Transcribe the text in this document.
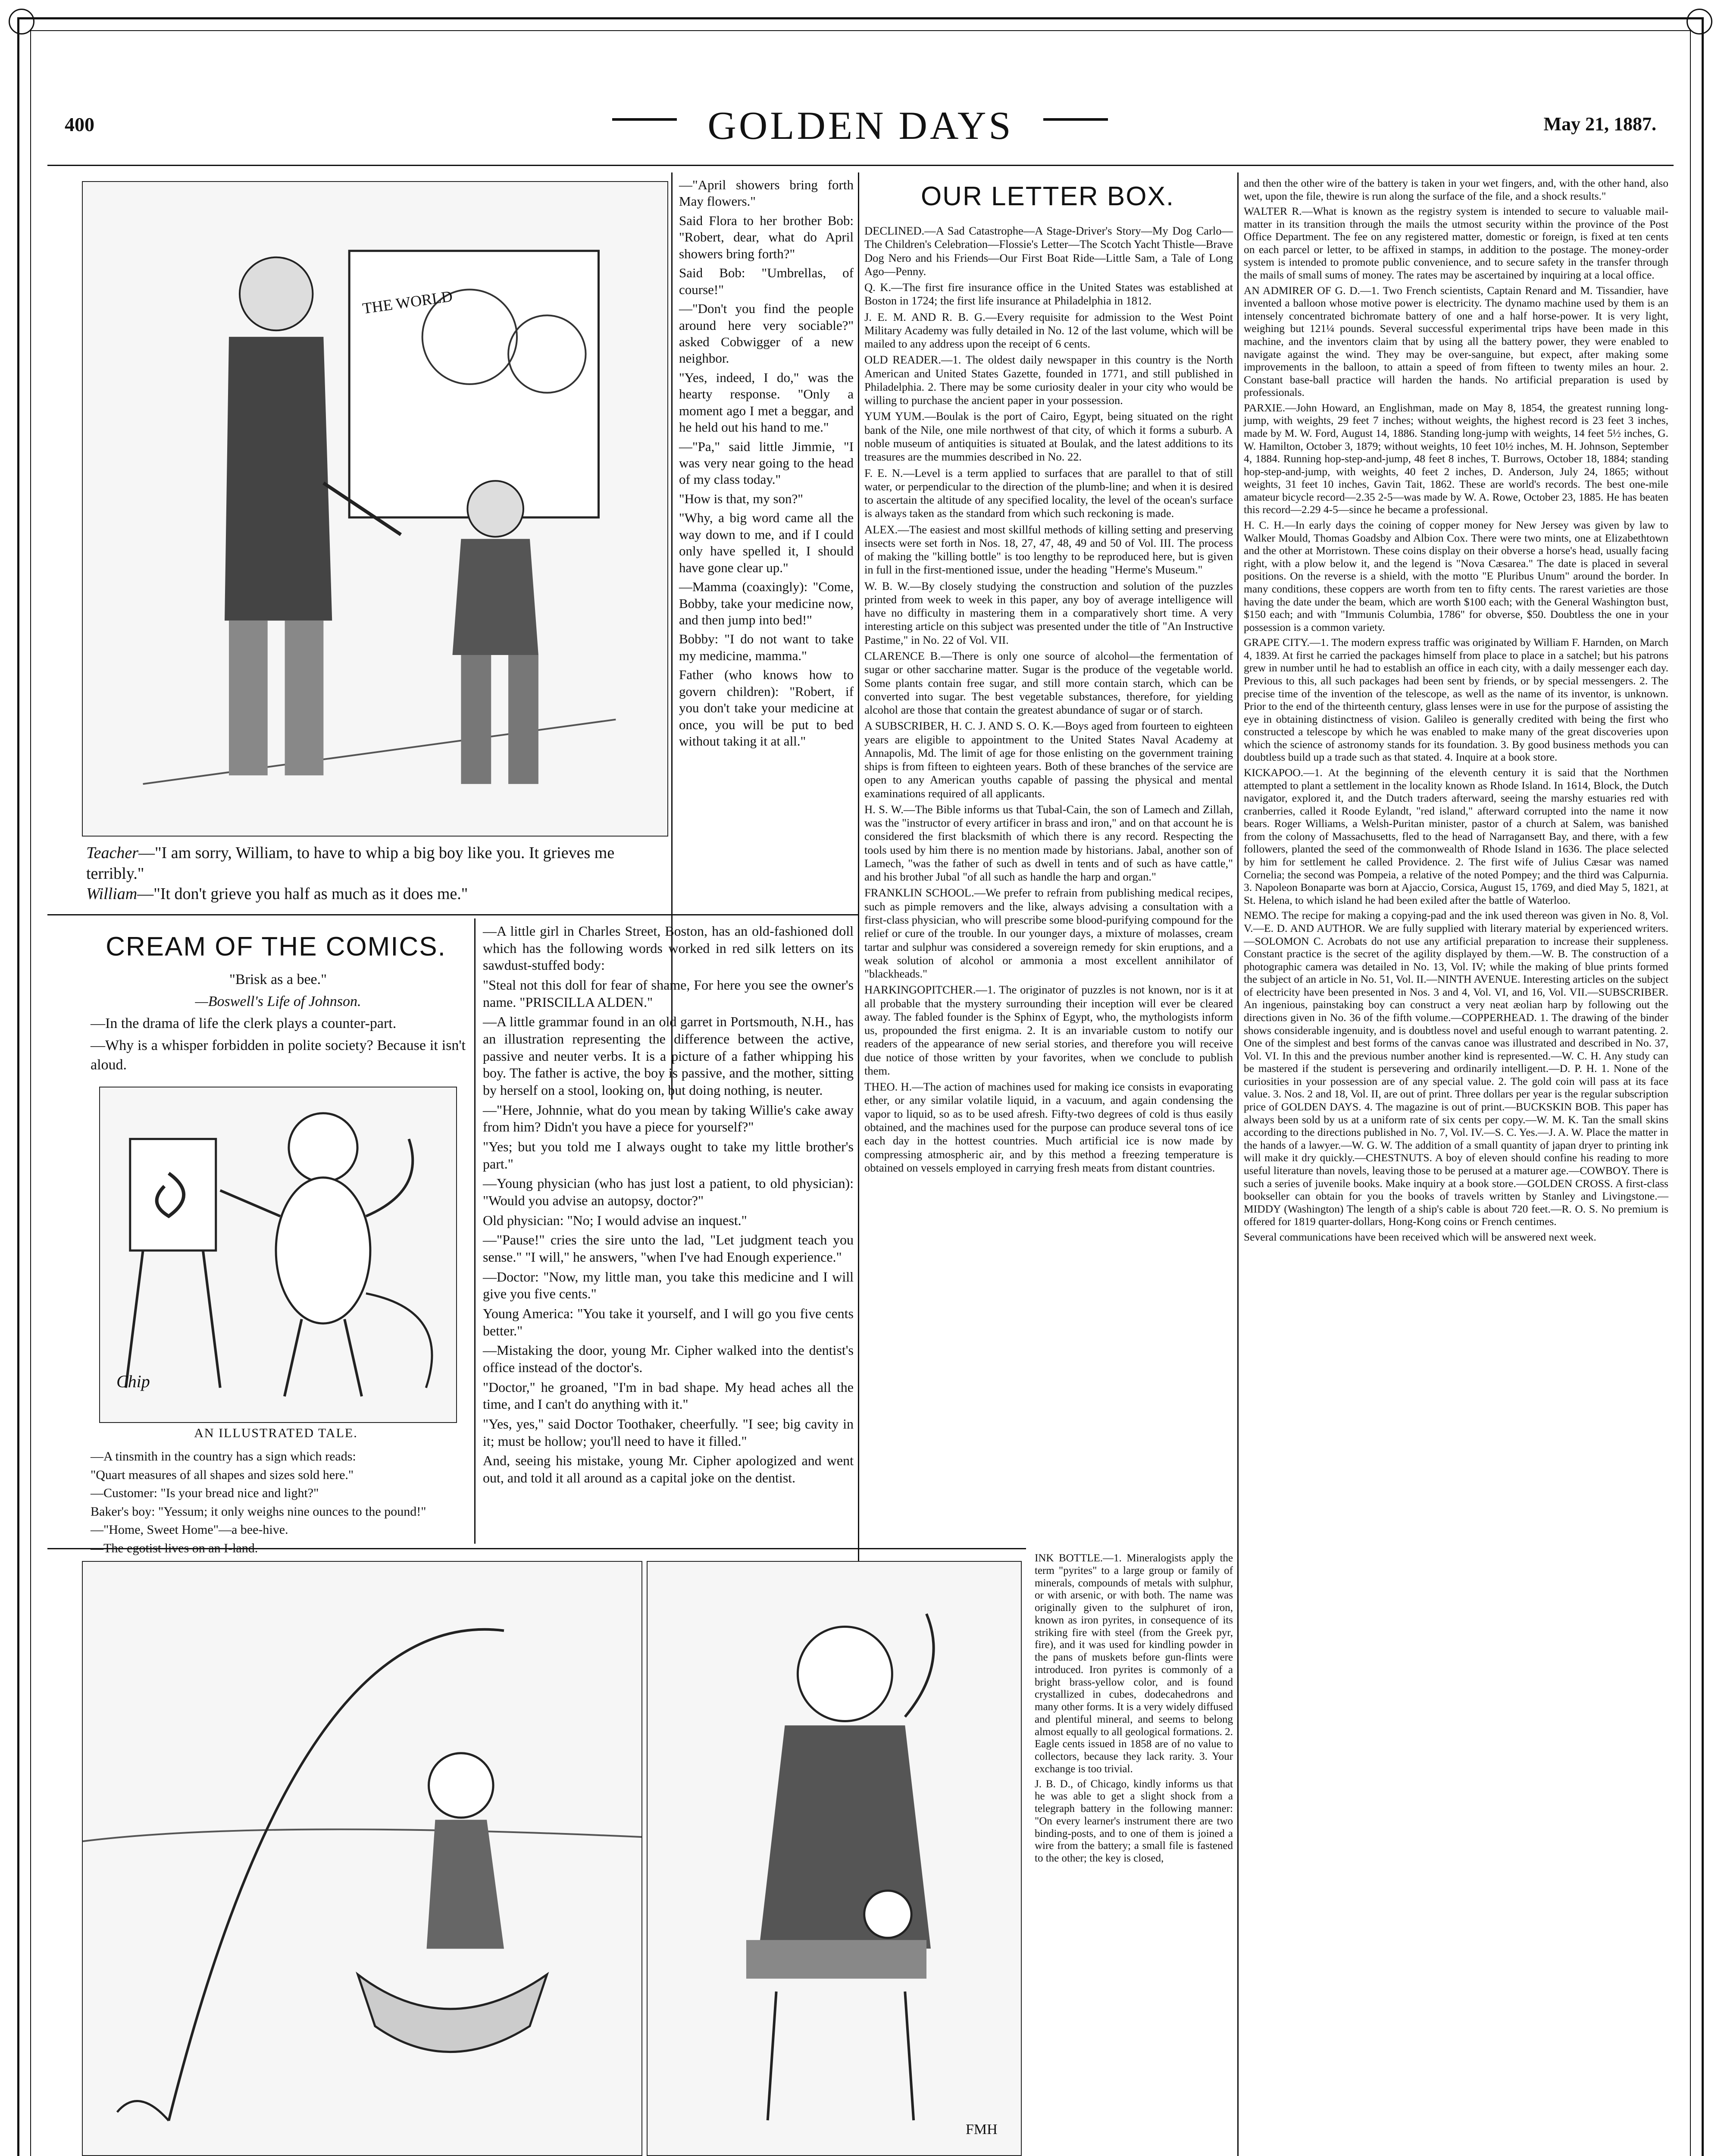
400	GOLDEN DAYS	May 21, 1887.
THE WORLD
Teacher—"I am sorry, William, to have to whip a big boy like you. It grieves me terribly."
William—"It don't grieve you half as much as it does me."

—"April showers bring forth May flowers."

Said Flora to her brother Bob: "Robert, dear, what do April showers bring forth?"

Said Bob: "Umbrellas, of course!"

—"Don't you find the people around here very sociable?" asked Cobwigger of a new neighbor.

"Yes, indeed, I do," was the hearty response. "Only a moment ago I met a beggar, and he held out his hand to me."

—"Pa," said little Jimmie, "I was very near going to the head of my class today."

"How is that, my son?"

"Why, a big word came all the way down to me, and if I could only have spelled it, I should have gone clear up."

—Mamma (coaxingly): "Come, Bobby, take your medicine now, and then jump into bed!"

Bobby: "I do not want to take my medicine, mamma."

Father (who knows how to govern children): "Robert, if you don't take your medicine at once, you will be put to bed without taking it at all."

CREAM OF THE COMICS.

"Brisk as a bee."

—Boswell's Life of Johnson.

—In the drama of life the clerk plays a counter-part.

—Why is a whisper forbidden in polite society? Because it isn't aloud.

Chip
AN ILLUSTRATED TALE.

—A tinsmith in the country has a sign which reads:

"Quart measures of all shapes and sizes sold here."

—Customer: "Is your bread nice and light?"

Baker's boy: "Yessum; it only weighs nine ounces to the pound!"

—"Home, Sweet Home"—a bee-hive.

—The egotist lives on an I-land.

—A little girl in Charles Street, Boston, has an old-fashioned doll which has the following words worked in red silk letters on its sawdust-stuffed body:

"Steal not this doll for fear of shame, For here you see the owner's name. "PRISCILLA ALDEN."

—A little grammar found in an old garret in Portsmouth, N.H., has an illustration representing the difference between the active, passive and neuter verbs. It is a picture of a father whipping his boy. The father is active, the boy is passive, and the mother, sitting by herself on a stool, looking on, but doing nothing, is neuter.

—"Here, Johnnie, what do you mean by taking Willie's cake away from him? Didn't you have a piece for yourself?"

"Yes; but you told me I always ought to take my little brother's part."

—Young physician (who has just lost a patient, to old physician): "Would you advise an autopsy, doctor?"

Old physician: "No; I would advise an inquest."

—"Pause!" cries the sire unto the lad, "Let judgment teach you sense." "I will," he answers, "when I've had Enough experience."

—Doctor: "Now, my little man, you take this medicine and I will give you five cents."

Young America: "You take it yourself, and I will go you five cents better."

—Mistaking the door, young Mr. Cipher walked into the dentist's office instead of the doctor's.

"Doctor," he groaned, "I'm in bad shape. My head aches all the time, and I can't do anything with it."

"Yes, yes," said Doctor Toothaker, cheerfully. "I see; big cavity in it; must be hollow; you'll need to have it filled."

And, seeing his mistake, young Mr. Cipher apologized and went out, and told it all around as a capital joke on the dentist.

OUR LETTER BOX.

DECLINED.—A Sad Catastrophe—A Stage-Driver's Story—My Dog Carlo—The Children's Celebration—Flossie's Letter—The Scotch Yacht Thistle—Brave Dog Nero and his Friends—Our First Boat Ride—Little Sam, a Tale of Long Ago—Penny.

Q. K.—The first fire insurance office in the United States was established at Boston in 1724; the first life insurance at Philadelphia in 1812.

J. E. M. AND R. B. G.—Every requisite for admission to the West Point Military Academy was fully detailed in No. 12 of the last volume, which will be mailed to any address upon the receipt of 6 cents.

OLD READER.—1. The oldest daily newspaper in this country is the North American and United States Gazette, founded in 1771, and still published in Philadelphia. 2. There may be some curiosity dealer in your city who would be willing to purchase the ancient paper in your possession.

YUM YUM.—Boulak is the port of Cairo, Egypt, being situated on the right bank of the Nile, one mile northwest of that city, of which it forms a suburb. A noble museum of antiquities is situated at Boulak, and the latest additions to its treasures are the mummies described in No. 22.

F. E. N.—Level is a term applied to surfaces that are parallel to that of still water, or perpendicular to the direction of the plumb-line; and when it is desired to ascertain the altitude of any specified locality, the level of the ocean's surface is always taken as the standard from which such reckoning is made.

ALEX.—The easiest and most skillful methods of killing setting and preserving insects were set forth in Nos. 18, 27, 47, 48, 49 and 50 of Vol. III. The process of making the "killing bottle" is too lengthy to be reproduced here, but is given in full in the first-mentioned issue, under the heading "Herme's Museum."

W. B. W.—By closely studying the construction and solution of the puzzles printed from week to week in this paper, any boy of average intelligence will have no difficulty in mastering them in a comparatively short time. A very interesting article on this subject was presented under the title of "An Instructive Pastime," in No. 22 of Vol. VII.

CLARENCE B.—There is only one source of alcohol—the fermentation of sugar or other saccharine matter. Sugar is the produce of the vegetable world. Some plants contain free sugar, and still more contain starch, which can be converted into sugar. The best vegetable substances, therefore, for yielding alcohol are those that contain the greatest abundance of sugar or of starch.

A SUBSCRIBER, H. C. J. AND S. O. K.—Boys aged from fourteen to eighteen years are eligible to appointment to the United States Naval Academy at Annapolis, Md. The limit of age for those enlisting on the government training ships is from fifteen to eighteen years. Both of these branches of the service are open to any American youths capable of passing the physical and mental examinations required of all applicants.

H. S. W.—The Bible informs us that Tubal-Cain, the son of Lamech and Zillah, was the "instructor of every artificer in brass and iron," and on that account he is considered the first blacksmith of which there is any record. Respecting the tools used by him there is no mention made by historians. Jabal, another son of Lamech, "was the father of such as dwell in tents and of such as have cattle," and his brother Jubal "of all such as handle the harp and organ."

FRANKLIN SCHOOL.—We prefer to refrain from publishing medical recipes, such as pimple removers and the like, always advising a consultation with a first-class physician, who will prescribe some blood-purifying compound for the relief or cure of the trouble. In our younger days, a mixture of molasses, cream tartar and sulphur was considered a sovereign remedy for skin eruptions, and a weak solution of alcohol or ammonia a most excellent annihilator of "blackheads."

HARKINGOPITCHER.—1. The originator of puzzles is not known, nor is it at all probable that the mystery surrounding their inception will ever be cleared away. The fabled founder is the Sphinx of Egypt, who, the mythologists inform us, propounded the first enigma. 2. It is an invariable custom to notify our readers of the appearance of new serial stories, and therefore you will receive due notice of those written by your favorites, when we conclude to publish them.

THEO. H.—The action of machines used for making ice consists in evaporating ether, or any similar volatile liquid, in a vacuum, and again condensing the vapor to liquid, so as to be used afresh. Fifty-two degrees of cold is thus easily obtained, and the machines used for the purpose can produce several tons of ice each day in the hottest countries. Much artificial ice is now made by compressing atmospheric air, and by this method a freezing temperature is obtained on vessels employed in carrying fresh meats from distant countries.

INK BOTTLE.—1. Mineralogists apply the term "pyrites" to a large group or family of minerals, compounds of metals with sulphur, or with arsenic, or with both. The name was originally given to the sulphuret of iron, known as iron pyrites, in consequence of its striking fire with steel (from the Greek pyr, fire), and it was used for kindling powder in the pans of muskets before gun-flints were introduced. Iron pyrites is commonly of a bright brass-yellow color, and is found crystallized in cubes, dodecahedrons and many other forms. It is a very widely diffused and plentiful mineral, and seems to belong almost equally to all geological formations. 2. Eagle cents issued in 1858 are of no value to collectors, because they lack rarity. 3. Your exchange is too trivial.

J. B. D., of Chicago, kindly informs us that he was able to get a slight shock from a telegraph battery in the following manner: "On every learner's instrument there are two binding-posts, and to one of them is joined a wire from the battery; a small file is fastened to the other; the key is closed,

and then the other wire of the battery is taken in your wet fingers, and, with the other hand, also wet, upon the file, thewire is run along the surface of the file, and a shock results."

WALTER R.—What is known as the registry system is intended to secure to valuable mail-matter in its transition through the mails the utmost security within the province of the Post Office Department. The fee on any registered matter, domestic or foreign, is fixed at ten cents on each parcel or letter, to be affixed in stamps, in addition to the postage. The money-order system is intended to promote public convenience, and to secure safety in the transfer through the mails of small sums of money. The rates may be ascertained by inquiring at a local office.

AN ADMIRER OF G. D.—1. Two French scientists, Captain Renard and M. Tissandier, have invented a balloon whose motive power is electricity. The dynamo machine used by them is an intensely concentrated bichromate battery of one and a half horse-power. It is very light, weighing but 121¼ pounds. Several successful experimental trips have been made in this machine, and the inventors claim that by using all the battery power, they were enabled to navigate against the wind. They may be over-sanguine, but expect, after making some improvements in the balloon, to attain a speed of from fifteen to twenty miles an hour. 2. Constant base-ball practice will harden the hands. No artificial preparation is used by professionals.

PARXIE.—John Howard, an Englishman, made on May 8, 1854, the greatest running long-jump, with weights, 29 feet 7 inches; without weights, the highest record is 23 feet 3 inches, made by M. W. Ford, August 14, 1886. Standing long-jump with weights, 14 feet 5½ inches, G. W. Hamilton, October 3, 1879; without weights, 10 feet 10½ inches, M. H. Johnson, September 4, 1884. Running hop-step-and-jump, 48 feet 8 inches, T. Burrows, October 18, 1884; standing hop-step-and-jump, with weights, 40 feet 2 inches, D. Anderson, July 24, 1865; without weights, 31 feet 10 inches, Gavin Tait, 1862. These are world's records. The best one-mile amateur bicycle record—2.35 2-5—was made by W. A. Rowe, October 23, 1885. He has beaten this record—2.29 4-5—since he became a professional.

H. C. H.—In early days the coining of copper money for New Jersey was given by law to Walker Mould, Thomas Goadsby and Albion Cox. There were two mints, one at Elizabethtown and the other at Morristown. These coins display on their obverse a horse's head, usually facing right, with a plow below it, and the legend is "Nova Cæsarea." The date is placed in several positions. On the reverse is a shield, with the motto "E Pluribus Unum" around the border. In many conditions, these coppers are worth from ten to fifty cents. The rarest varieties are those having the date under the beam, which are worth $100 each; with the General Washington bust, $150 each; and with "Immunis Columbia, 1786" for obverse, $50. Doubtless the one in your possession is a common variety.

GRAPE CITY.—1. The modern express traffic was originated by William F. Harnden, on March 4, 1839. At first he carried the packages himself from place to place in a satchel; but his patrons grew in number until he had to establish an office in each city, with a daily messenger each day. Previous to this, all such packages had been sent by friends, or by special messengers. 2. The precise time of the invention of the telescope, as well as the name of its inventor, is unknown. Prior to the end of the thirteenth century, glass lenses were in use for the purpose of assisting the eye in obtaining distinctness of vision. Galileo is generally credited with being the first who constructed a telescope by which he was enabled to make many of the great discoveries upon which the science of astronomy stands for its foundation. 3. By good business methods you can doubtless build up a trade such as that stated. 4. Inquire at a book store.

KICKAPOO.—1. At the beginning of the eleventh century it is said that the Northmen attempted to plant a settlement in the locality known as Rhode Island. In 1614, Block, the Dutch navigator, explored it, and the Dutch traders afterward, seeing the marshy estuaries red with cranberries, called it Roode Eylandt, "red island," afterward corrupted into the name it now bears. Roger Williams, a Welsh-Puritan minister, pastor of a church at Salem, was banished from the colony of Massachusetts, fled to the head of Narragansett Bay, and there, with a few followers, planted the seed of the commonwealth of Rhode Island in 1636. The place selected by him for settlement he called Providence. 2. The first wife of Julius Cæsar was named Cornelia; the second was Pompeia, a relative of the noted Pompey; and the third was Calpurnia. 3. Napoleon Bonaparte was born at Ajaccio, Corsica, August 15, 1769, and died May 5, 1821, at St. Helena, to which island he had been exiled after the battle of Waterloo.

NEMO. The recipe for making a copying-pad and the ink used thereon was given in No. 8, Vol. V.—E. D. AND AUTHOR. We are fully supplied with literary material by experienced writers.—SOLOMON C. Acrobats do not use any artificial preparation to increase their suppleness. Constant practice is the secret of the agility displayed by them.—W. B. The construction of a photographic camera was detailed in No. 13, Vol. IV; while the making of blue prints formed the subject of an article in No. 51, Vol. II.—NINTH AVENUE. Interesting articles on the subject of electricity have been presented in Nos. 3 and 4, Vol. VI, and 16, Vol. VII.—SUBSCRIBER. An ingenious, painstaking boy can construct a very neat æolian harp by following out the directions given in No. 36 of the fifth volume.—COPPERHEAD. 1. The drawing of the binder shows considerable ingenuity, and is doubtless novel and useful enough to warrant patenting. 2. One of the simplest and best forms of the canvas canoe was illustrated and described in No. 37, Vol. VI. In this and the previous number another kind is represented.—W. C. H. Any study can be mastered if the student is persevering and ordinarily intelligent.—D. P. H. 1. None of the curiosities in your possession are of any special value. 2. The gold coin will pass at its face value. 3. Nos. 2 and 18, Vol. II, are out of print. Three dollars per year is the regular subscription price of GOLDEN DAYS. 4. The magazine is out of print.—BUCKSKIN BOB. This paper has always been sold by us at a uniform rate of six cents per copy.—W. M. K. Tan the small skins according to the directions published in No. 7, Vol. IV.—S. C. Yes.—J. A. W. Place the matter in the hands of a lawyer.—W. G. W. The addition of a small quantity of japan dryer to printing ink will make it dry quickly.—CHESTNUTS. A boy of eleven should confine his reading to more useful literature than novels, leaving those to be perused at a maturer age.—COWBOY. There is such a series of juvenile books. Make inquiry at a book store.—GOLDEN CROSS. A first-class bookseller can obtain for you the books of travels written by Stanley and Livingstone.—MIDDY (Washington) The length of a ship's cable is about 720 feet.—R. O. S. No premium is offered for 1819 quarter-dollars, Hong-Kong coins or French centimes.

Several communications have been received which will be answered next week.

FMH
